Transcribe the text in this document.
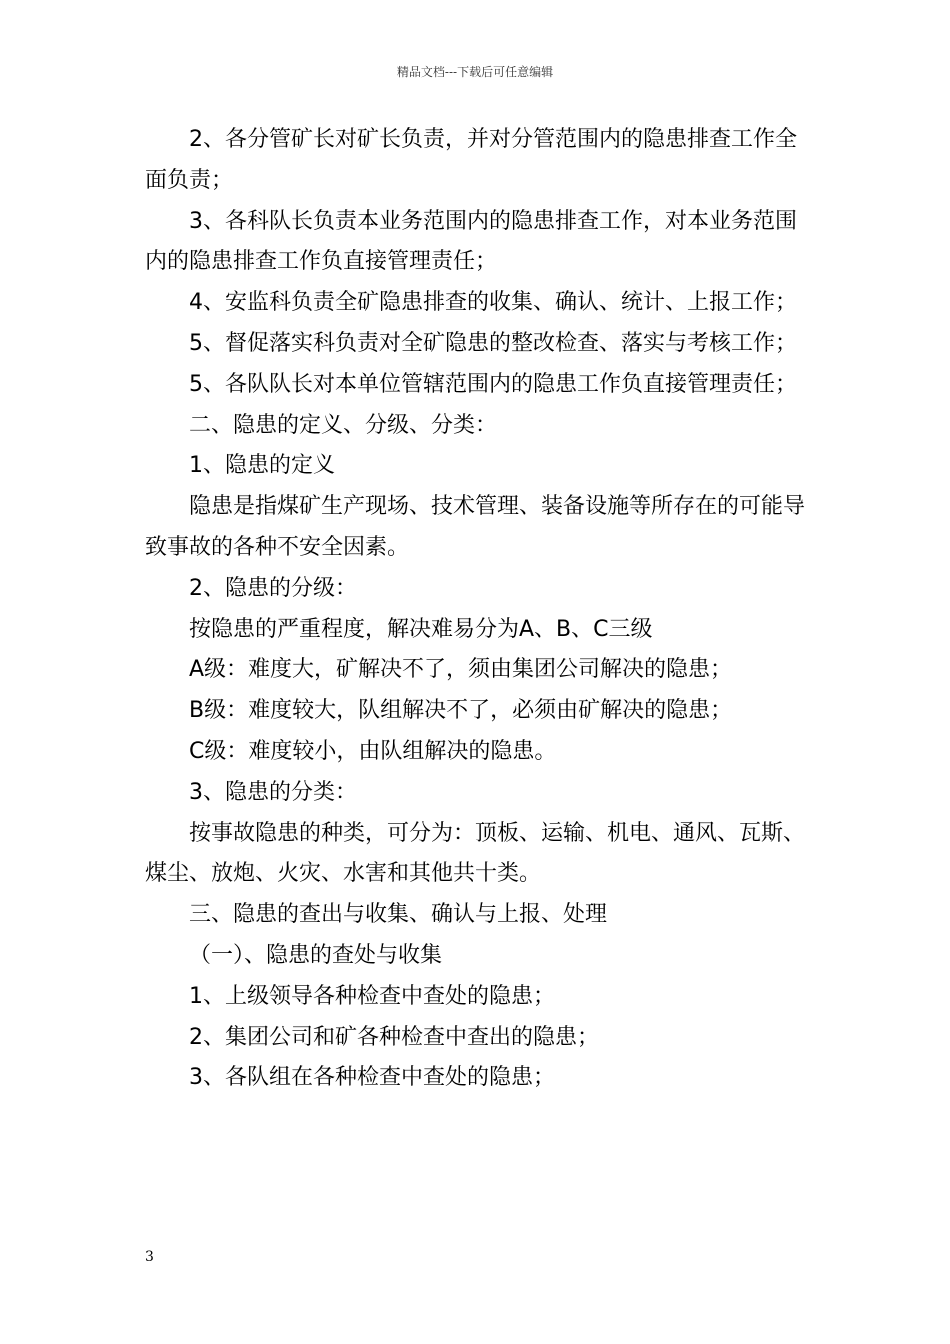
精品文档---下载后可任意编辑

2、各分管矿长对矿长负责，并对分管范围内的隐患排查工作全面负责；

3、各科队长负责本业务范围内的隐患排查工作，对本业务范围内的隐患排查工作负直接管理责任；

4、安监科负责全矿隐患排查的收集、确认、统计、上报工作；

5、督促落实科负责对全矿隐患的整改检查、落实与考核工作；

5、各队队长对本单位管辖范围内的隐患工作负直接管理责任；

二、隐患的定义、分级、分类：

1、隐患的定义

隐患是指煤矿生产现场、技术管理、装备设施等所存在的可能导致事故的各种不安全因素。

2、隐患的分级：

按隐患的严重程度，解决难易分为A、B、C三级

A级：难度大，矿解决不了，须由集团公司解决的隐患；

B级：难度较大，队组解决不了，必须由矿解决的隐患；

C级：难度较小，由队组解决的隐患。

3、隐患的分类：

按事故隐患的种类，可分为：顶板、运输、机电、通风、瓦斯、煤尘、放炮、火灾、水害和其他共十类。

三、隐患的查出与收集、确认与上报、处理

（一）、隐患的查处与收集

1、上级领导各种检查中查处的隐患；

2、集团公司和矿各种检查中查出的隐患；

3、各队组在各种检查中查处的隐患；

3
